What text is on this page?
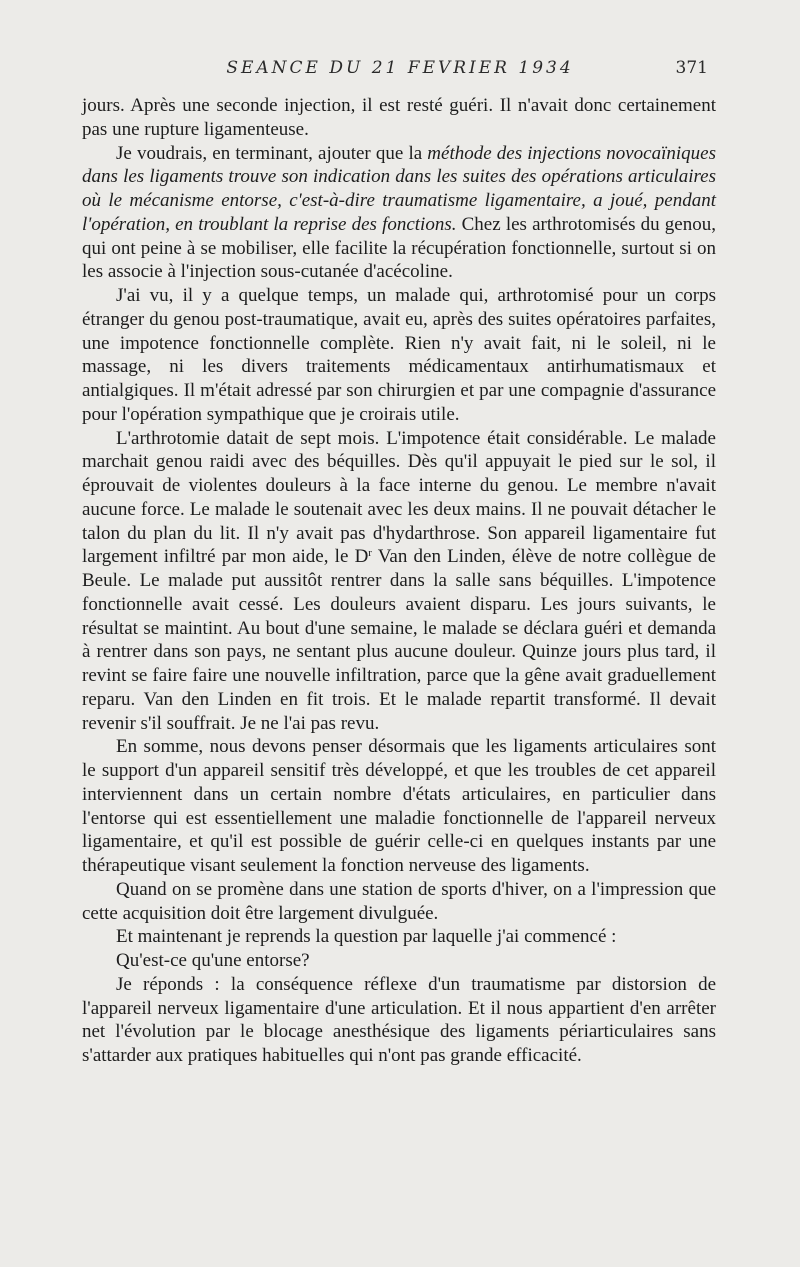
SEANCE DU 21 FEVRIER 1934	371

jours. Après une seconde injection, il est resté guéri. Il n'avait donc certainement pas une rupture ligamenteuse.

Je voudrais, en terminant, ajouter que la méthode des injections novocaïniques dans les ligaments trouve son indication dans les suites des opérations articulaires où le mécanisme entorse, c'est-à-dire traumatisme ligamentaire, a joué, pendant l'opération, en troublant la reprise des fonctions. Chez les arthrotomisés du genou, qui ont peine à se mobiliser, elle facilite la récupération fonctionnelle, surtout si on les associe à l'injection sous-cutanée d'acécoline.

J'ai vu, il y a quelque temps, un malade qui, arthrotomisé pour un corps étranger du genou post-traumatique, avait eu, après des suites opératoires parfaites, une impotence fonctionnelle complète. Rien n'y avait fait, ni le soleil, ni le massage, ni les divers traitements médicamentaux antirhumatismaux et antialgiques. Il m'était adressé par son chirurgien et par une compagnie d'assurance pour l'opération sympathique que je croirais utile.

L'arthrotomie datait de sept mois. L'impotence était considérable. Le malade marchait genou raidi avec des béquilles. Dès qu'il appuyait le pied sur le sol, il éprouvait de violentes douleurs à la face interne du genou. Le membre n'avait aucune force. Le malade le soutenait avec les deux mains. Il ne pouvait détacher le talon du plan du lit. Il n'y avait pas d'hydarthrose. Son appareil ligamentaire fut largement infiltré par mon aide, le $D^r$ Van den Linden, élève de notre collègue de Beule. Le malade put aussitôt rentrer dans la salle sans béquilles. L'impotence fonctionnelle avait cessé. Les douleurs avaient disparu. Les jours suivants, le résultat se maintint. Au bout d'une semaine, le malade se déclara guéri et demanda à rentrer dans son pays, ne sentant plus aucune douleur. Quinze jours plus tard, il revint se faire faire une nouvelle infiltration, parce que la gêne avait graduellement reparu. Van den Linden en fit trois. Et le malade repartit transformé. Il devait revenir s'il souffrait. Je ne l'ai pas revu.

En somme, nous devons penser désormais que les ligaments articulaires sont le support d'un appareil sensitif très développé, et que les troubles de cet appareil interviennent dans un certain nombre d'états articulaires, en particulier dans l'entorse qui est essentiellement une maladie fonctionnelle de l'appareil nerveux ligamentaire, et qu'il est possible de guérir celle-ci en quelques instants par une thérapeutique visant seulement la fonction nerveuse des ligaments.

Quand on se promène dans une station de sports d'hiver, on a l'impression que cette acquisition doit être largement divulguée.

Et maintenant je reprends la question par laquelle j'ai commencé :

Qu'est-ce qu'une entorse?

Je réponds : la conséquence réflexe d'un traumatisme par distorsion de l'appareil nerveux ligamentaire d'une articulation. Et il nous appartient d'en arrêter net l'évolution par le blocage anesthésique des ligaments périarticulaires sans s'attarder aux pratiques habituelles qui n'ont pas grande efficacité.
